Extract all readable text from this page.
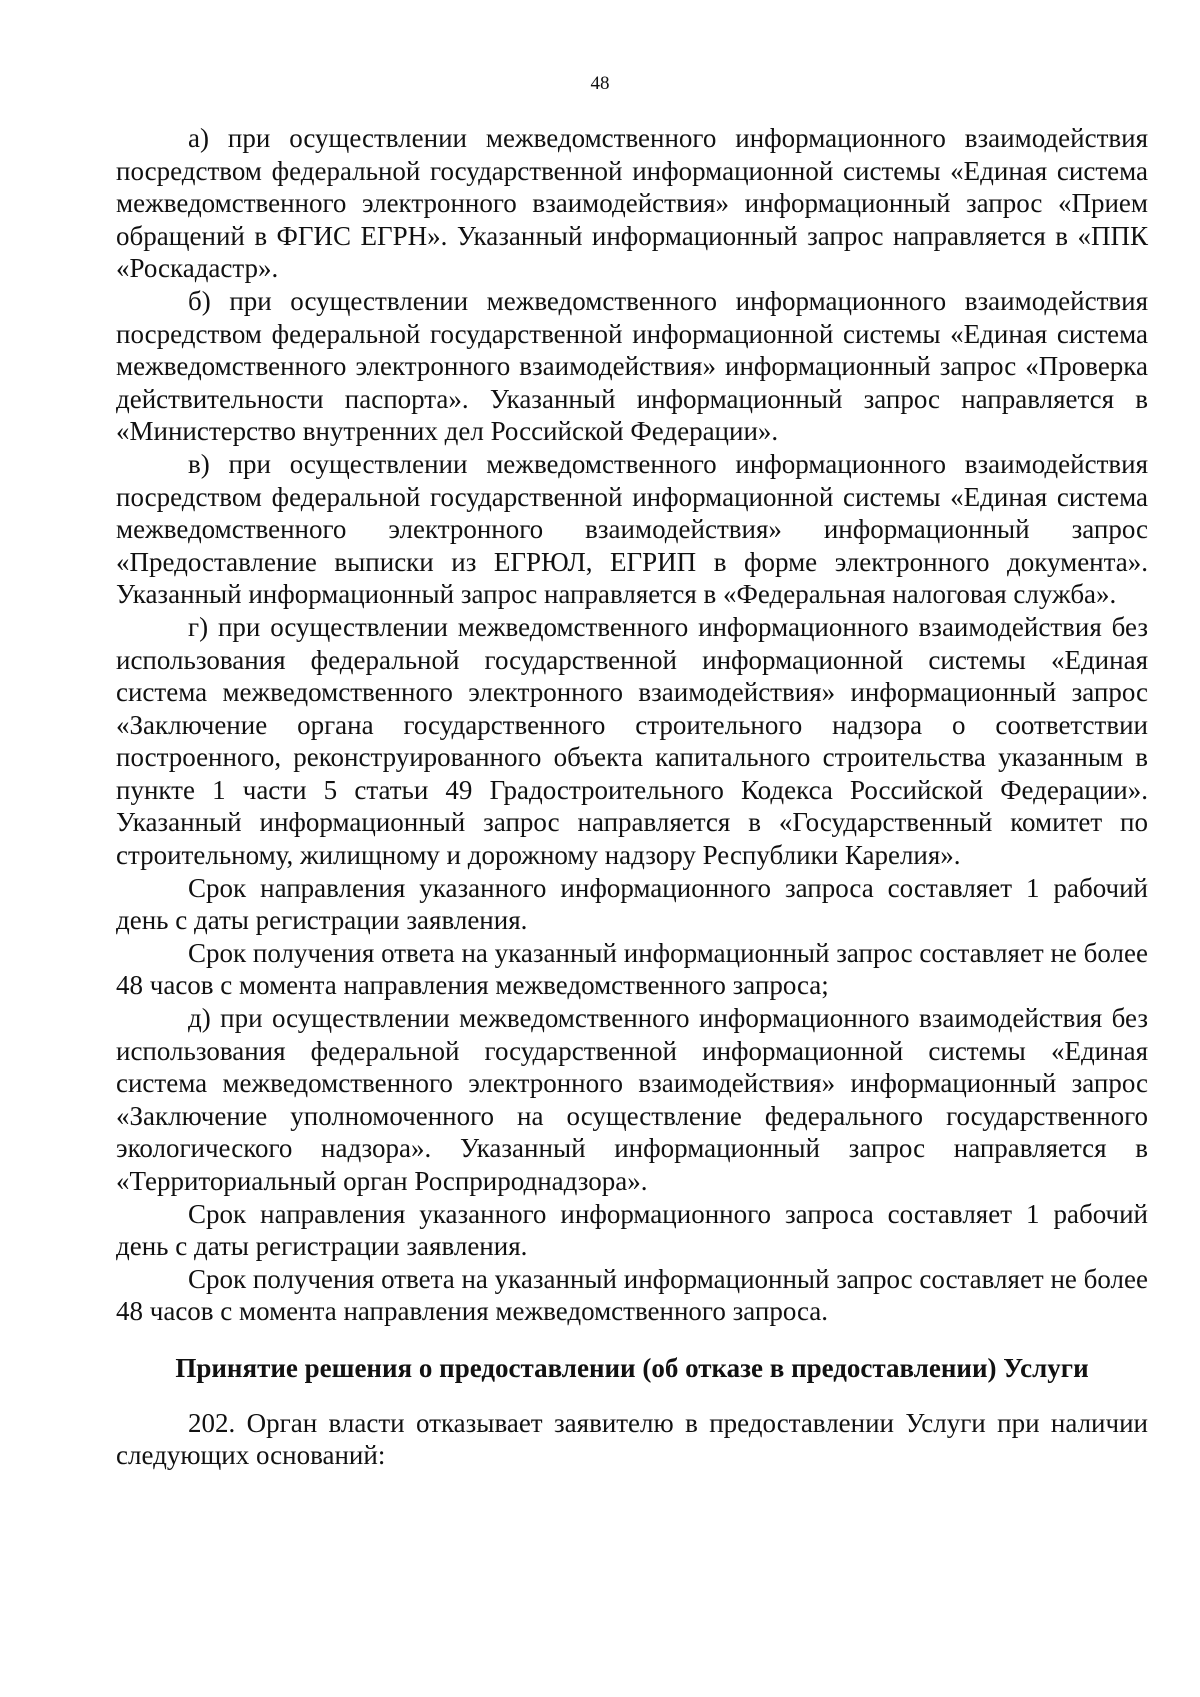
48

а) при осуществлении межведомственного информационного взаимодействия посредством федеральной государственной информационной системы «Единая система межведомственного электронного взаимодействия» информационный запрос «Прием обращений в ФГИС ЕГРН». Указанный информационный запрос направляется в «ППК «Роскадастр».

б) при осуществлении межведомственного информационного взаимодействия посредством федеральной государственной информационной системы «Единая система межведомственного электронного взаимодействия» информационный запрос «Проверка действительности паспорта». Указанный информационный запрос направляется в «Министерство внутренних дел Российской Федерации».

в) при осуществлении межведомственного информационного взаимодействия посредством федеральной государственной информационной системы «Единая система межведомственного электронного взаимодействия» информационный запрос «Предоставление выписки из ЕГРЮЛ, ЕГРИП в форме электронного документа». Указанный информационный запрос направляется в «Федеральная налоговая служба».

г) при осуществлении межведомственного информационного взаимодействия без использования федеральной государственной информационной системы «Единая система межведомственного электронного взаимодействия» информационный запрос «Заключение органа государственного строительного надзора о соответствии построенного, реконструированного объекта капитального строительства указанным в пункте 1 части 5 статьи 49 Градостроительного Кодекса Российской Федерации». Указанный информационный запрос направляется в «Государственный комитет по строительному, жилищному и дорожному надзору Республики Карелия».

Срок направления указанного информационного запроса составляет 1 рабочий день с даты регистрации заявления.

Срок получения ответа на указанный информационный запрос составляет не более 48 часов с момента направления межведомственного запроса;

д) при осуществлении межведомственного информационного взаимодействия без использования федеральной государственной информационной системы «Единая система межведомственного электронного взаимодействия» информационный запрос «Заключение уполномоченного на осуществление федерального государственного экологического надзора». Указанный информационный запрос направляется в «Территориальный орган Росприроднадзора».

Срок направления указанного информационного запроса составляет 1 рабочий день с даты регистрации заявления.

Срок получения ответа на указанный информационный запрос составляет не более 48 часов с момента направления межведомственного запроса.

Принятие решения о предоставлении (об отказе в предоставлении) Услуги

202. Орган власти отказывает заявителю в предоставлении Услуги при наличии следующих оснований:
